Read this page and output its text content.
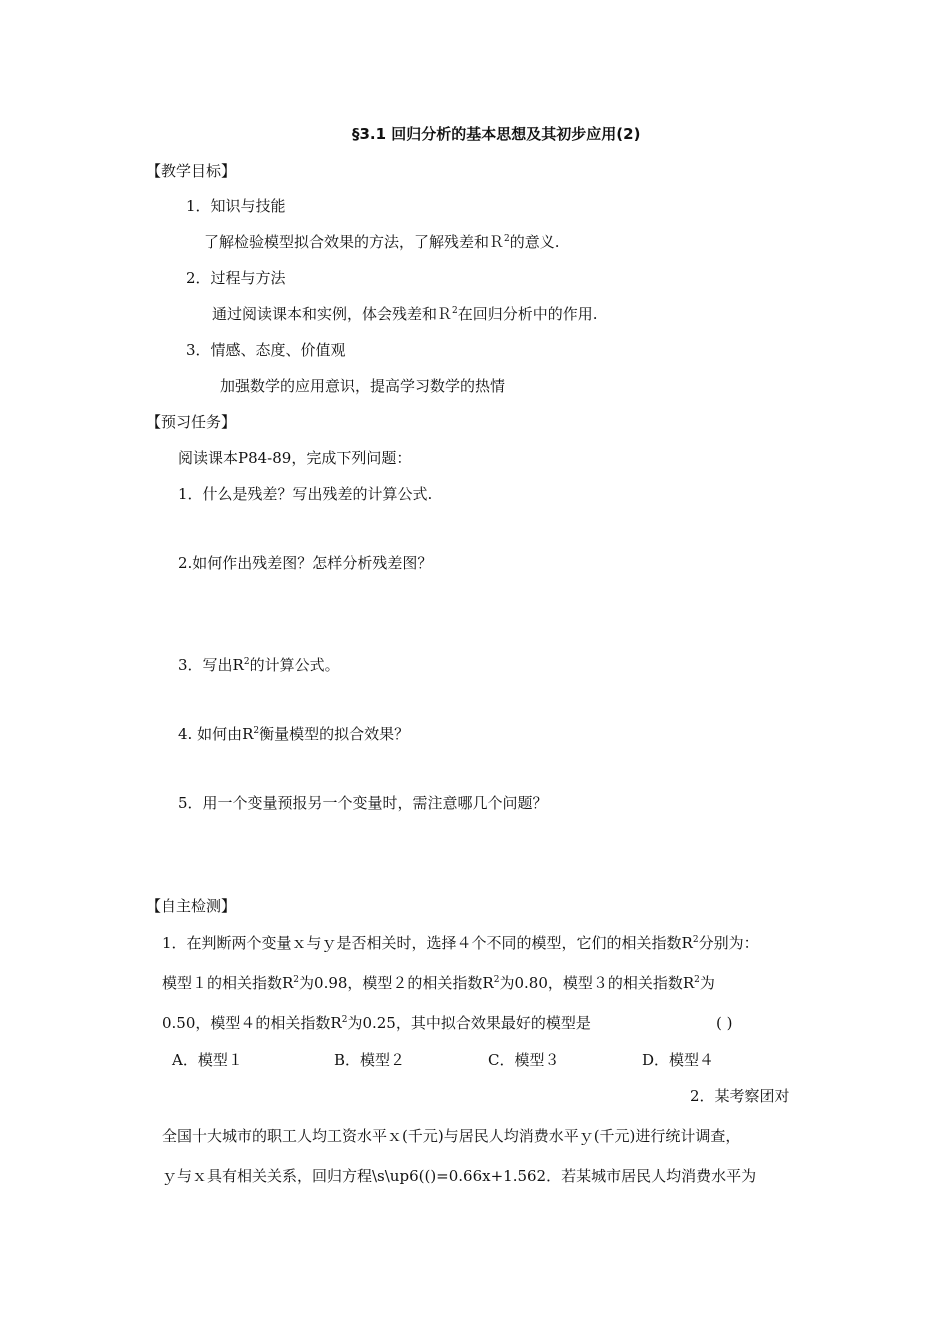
§3.1 回归分析的基本思想及其初步应用(2)
【教学目标】
1．知识与技能
了解检验模型拟合效果的方法，了解残差和Ｒ$^2$的意义.
2．过程与方法
通过阅读课本和实例，体会残差和Ｒ$^2$在回归分析中的作用.
3．情感、态度、价值观
加强数学的应用意识，提高学习数学的热情
【预习任务】
阅读课本P84-89，完成下列问题：
1．什么是残差？写出残差的计算公式.
2.如何作出残差图？怎样分析残差图？
3．写出$R^2$的计算公式。
4. 如何由$R^2$衡量模型的拟合效果？
5．用一个变量预报另一个变量时，需注意哪几个问题？
【自主检测】
1．在判断两个变量ｘ与ｙ是否相关时，选择４个不同的模型，它们的相关指数$R^2$分别为：
模型１的相关指数$R^2$为0.98，模型２的相关指数$R^2$为0.80，模型３的相关指数$R^2$为
0.50，模型４的相关指数$R^2$为0.25，其中拟合效果最好的模型是	( )
A．模型１	B．模型２	C．模型３	D．模型４
2．某考察团对
全国十大城市的职工人均工资水平ｘ(千元)与居民人均消费水平ｙ(千元)进行统计调查，
ｙ与ｘ具有相关关系，回归方程\s\up6(()=0.66x+1.562．若某城市居民人均消费水平为
